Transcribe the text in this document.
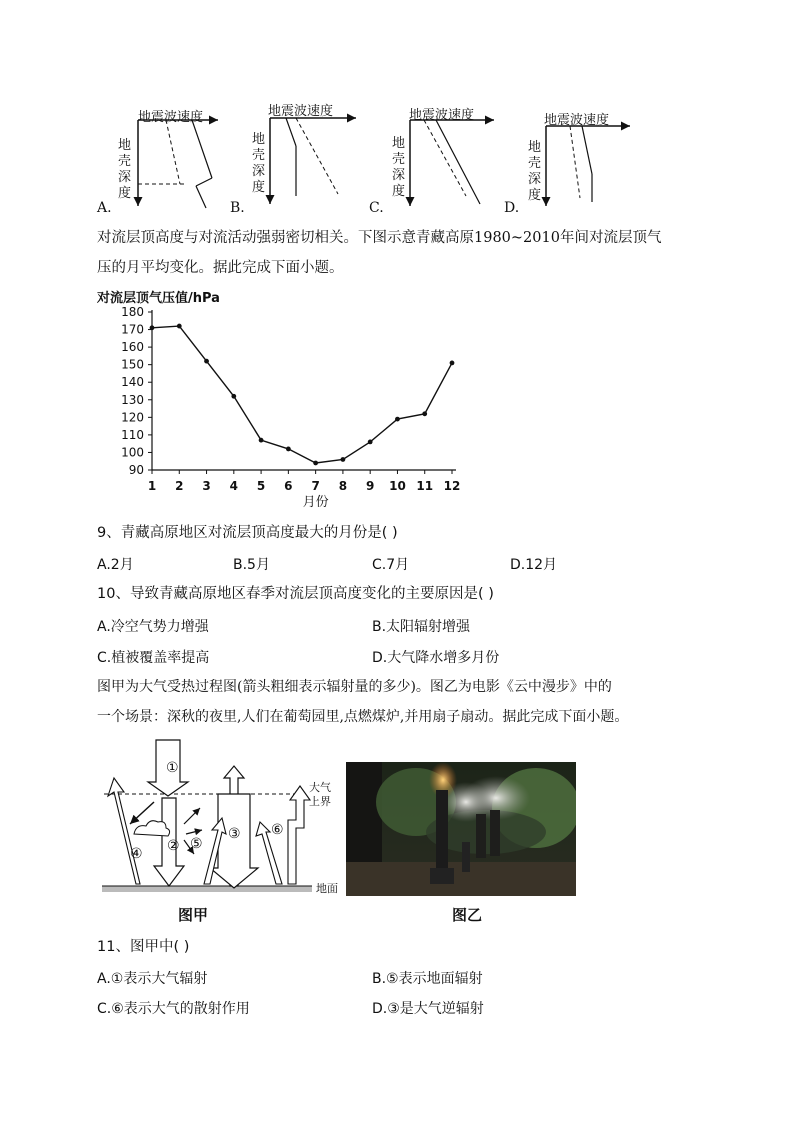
地震波速度
地
壳
深
度
A.
地震波速度
地
壳
深
度
B.
地震波速度
地
壳
深
度
C.
地震波速度
地
壳
深
度
D.
对流层顶高度与对流活动强弱密切相关。下图示意青藏高原1980~2010年间对流层顶气
压的月平均变化。据此完成下面小题。
对流层顶气压值/hPa
90
100
110
120
130
140
150
160
170
180
1 2 3 4 5 6 7 8 9 10 11 12
月份
9、青藏高原地区对流层顶高度最大的月份是( )
A.2月	B.5月	C.7月	D.12月
10、导致青藏高原地区春季对流层顶高度变化的主要原因是( )
A.冷空气势力增强	B.太阳辐射增强
C.植被覆盖率提高	D.大气降水增多月份
图甲为大气受热过程图(箭头粗细表示辐射量的多少)。图乙为电影《云中漫步》中的
一个场景：深秋的夜里,人们在葡萄园里,点燃煤炉,并用扇子扇动。据此完成下面小题。
①
②
③
④
⑤
⑥
大气
上界
地面
图甲	图乙
11、图甲中( )
A.①表示大气辐射	B.⑤表示地面辐射
C.⑥表示大气的散射作用	D.③是大气逆辐射
